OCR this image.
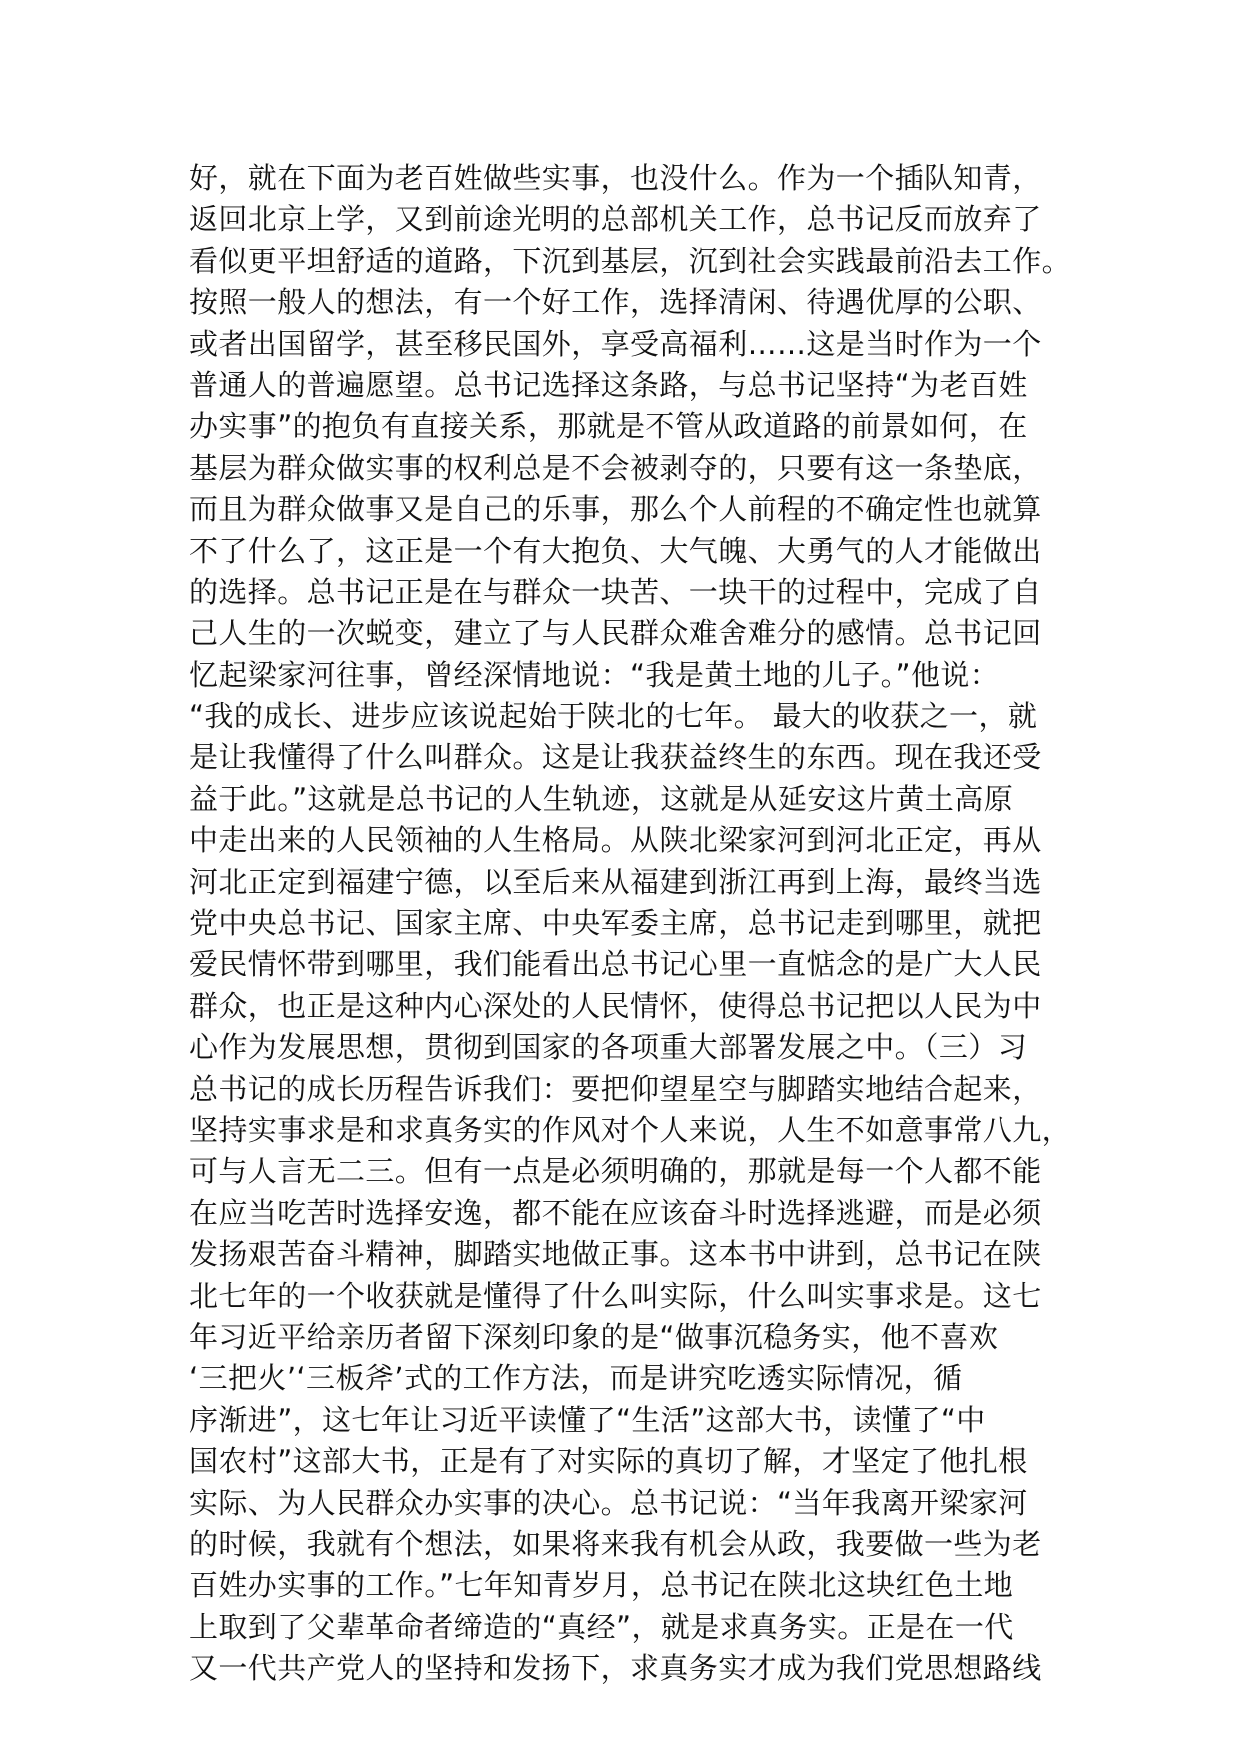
好，就在下面为老百姓做些实事，也没什么。作为一个插队知青，
返回北京上学，又到前途光明的总部机关工作，总书记反而放弃了
看似更平坦舒适的道路，下沉到基层，沉到社会实践最前沿去工作。
按照一般人的想法，有一个好工作，选择清闲、待遇优厚的公职、
或者出国留学，甚至移民国外，享受高福利……这是当时作为一个
普通人的普遍愿望。总书记选择这条路，与总书记坚持“为老百姓
办实事”的抱负有直接关系，那就是不管从政道路的前景如何，在
基层为群众做实事的权利总是不会被剥夺的，只要有这一条垫底，
而且为群众做事又是自己的乐事，那么个人前程的不确定性也就算
不了什么了，这正是一个有大抱负、大气魄、大勇气的人才能做出
的选择。总书记正是在与群众一块苦、一块干的过程中，完成了自
己人生的一次蜕变，建立了与人民群众难舍难分的感情。总书记回
忆起梁家河往事，曾经深情地说：“我是黄土地的儿子。”他说：
“我的成长、进步应该说起始于陕北的七年。 最大的收获之一，就
是让我懂得了什么叫群众。这是让我获益终生的东西。现在我还受
益于此。”这就是总书记的人生轨迹，这就是从延安这片黄土高原
中走出来的人民领袖的人生格局。从陕北梁家河到河北正定，再从
河北正定到福建宁德，以至后来从福建到浙江再到上海，最终当选
党中央总书记、国家主席、中央军委主席，总书记走到哪里，就把
爱民情怀带到哪里，我们能看出总书记心里一直惦念的是广大人民
群众，也正是这种内心深处的人民情怀，使得总书记把以人民为中
心作为发展思想，贯彻到国家的各项重大部署发展之中。（三）习
总书记的成长历程告诉我们：要把仰望星空与脚踏实地结合起来，
坚持实事求是和求真务实的作风对个人来说，人生不如意事常八九，
可与人言无二三。但有一点是必须明确的，那就是每一个人都不能
在应当吃苦时选择安逸，都不能在应该奋斗时选择逃避，而是必须
发扬艰苦奋斗精神，脚踏实地做正事。这本书中讲到，总书记在陕
北七年的一个收获就是懂得了什么叫实际，什么叫实事求是。这七
年习近平给亲历者留下深刻印象的是“做事沉稳务实，他不喜欢
‘三把火’‘三板斧’式的工作方法，而是讲究吃透实际情况，循
序渐进”，这七年让习近平读懂了“生活”这部大书，读懂了“中
国农村”这部大书，正是有了对实际的真切了解，才坚定了他扎根
实际、为人民群众办实事的决心。总书记说：“当年我离开梁家河
的时候，我就有个想法，如果将来我有机会从政，我要做一些为老
百姓办实事的工作。”七年知青岁月，总书记在陕北这块红色土地
上取到了父辈革命者缔造的“真经”，就是求真务实。正是在一代
又一代共产党人的坚持和发扬下，求真务实才成为我们党思想路线
